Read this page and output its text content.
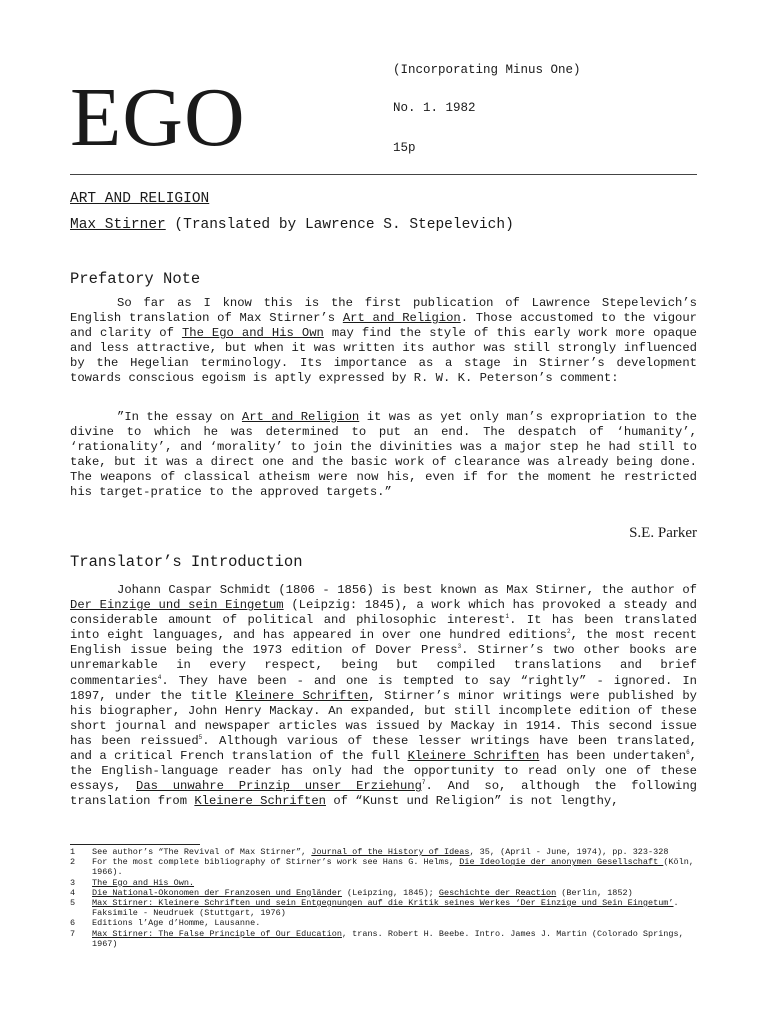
EGO
(Incorporating Minus One)
No. 1. 1982
15p
ART AND RELIGION
Max Stirner (Translated by Lawrence S. Stepelevich)
Prefatory Note
So far as I know this is the first publication of Lawrence Stepelevich’s English translation of Max Stirner’s Art and Religion. Those accustomed to the vigour and clarity of The Ego and His Own may find the style of this early work more opaque and less attractive, but when it was written its author was still strongly influenced by the Hegelian terminology. Its importance as a stage in Stirner’s development towards conscious egoism is aptly expressed by R. W. K. Peterson’s comment:
”In the essay on Art and Religion it was as yet only man’s expropriation to the divine to which he was determined to put an end. The despatch of ‘humanity’, ‘rationality’, and ‘morality’ to join the divinities was a major step he had still to take, but it was a direct one and the basic work of clearance was already being done. The weapons of classical atheism were now his, even if for the moment he restricted his target-pratice to the approved targets.”
S.E. Parker
Translator’s Introduction
Johann Caspar Schmidt (1806 - 1856) is best known as Max Stirner, the author of Der Einzige und sein Eingetum (Leipzig: 1845), a work which has provoked a steady and considerable amount of political and philosophic interest$^1$. It has been translated into eight languages, and has appeared in over one hundred editions$^2$, the most recent English issue being the 1973 edition of Dover Press$^3$. Stirner’s two other books are unremarkable in every respect, being but compiled translations and brief commentaries$^4$. They have been - and one is tempted to say “rightly” - ignored. In 1897, under the title Kleinere Schriften, Stirner’s minor writings were published by his biographer, John Henry Mackay. An expanded, but still incomplete edition of these short journal and newspaper articles was issued by Mackay in 1914. This second issue has been reissued$^5$. Although various of these lesser writings have been translated, and a critical French translation of the full Kleinere Schriften has been undertaken$^6$, the English-language reader has only had the opportunity to read only one of these essays, Das unwahre Prinzip unser Erziehung$^7$. And so, although the following translation from Kleinere Schriften of “Kunst und Religion” is not lengthy,
1	See author’s “The Revival of Max Stirner”, Journal of the History of Ideas, 35, (April - June, 1974), pp. 323-328
2	For the most complete bibliography of Stirner’s work see Hans G. Helms, Die Ideologie der anonymen Gesellschaft (Köln, 1966).
3	The Ego and His Own.
4	Die National-Okonomen der Franzosen und Engländer (Leipzing, 1845); Geschichte der Reaction (Berlin, 1852)
5	Max Stirner: Kleinere Schriften und sein Entgegnungen auf die Kritik seines Werkes ‘Der Einzige und Sein Eingetum’. Faksimile - Neudruek (Stuttgart, 1976)
6	Editions l’Age d’Homme, Lausanne.
7	Max Stirner: The False Principle of Our Education, trans. Robert H. Beebe. Intro. James J. Martin (Colorado Springs, 1967)
